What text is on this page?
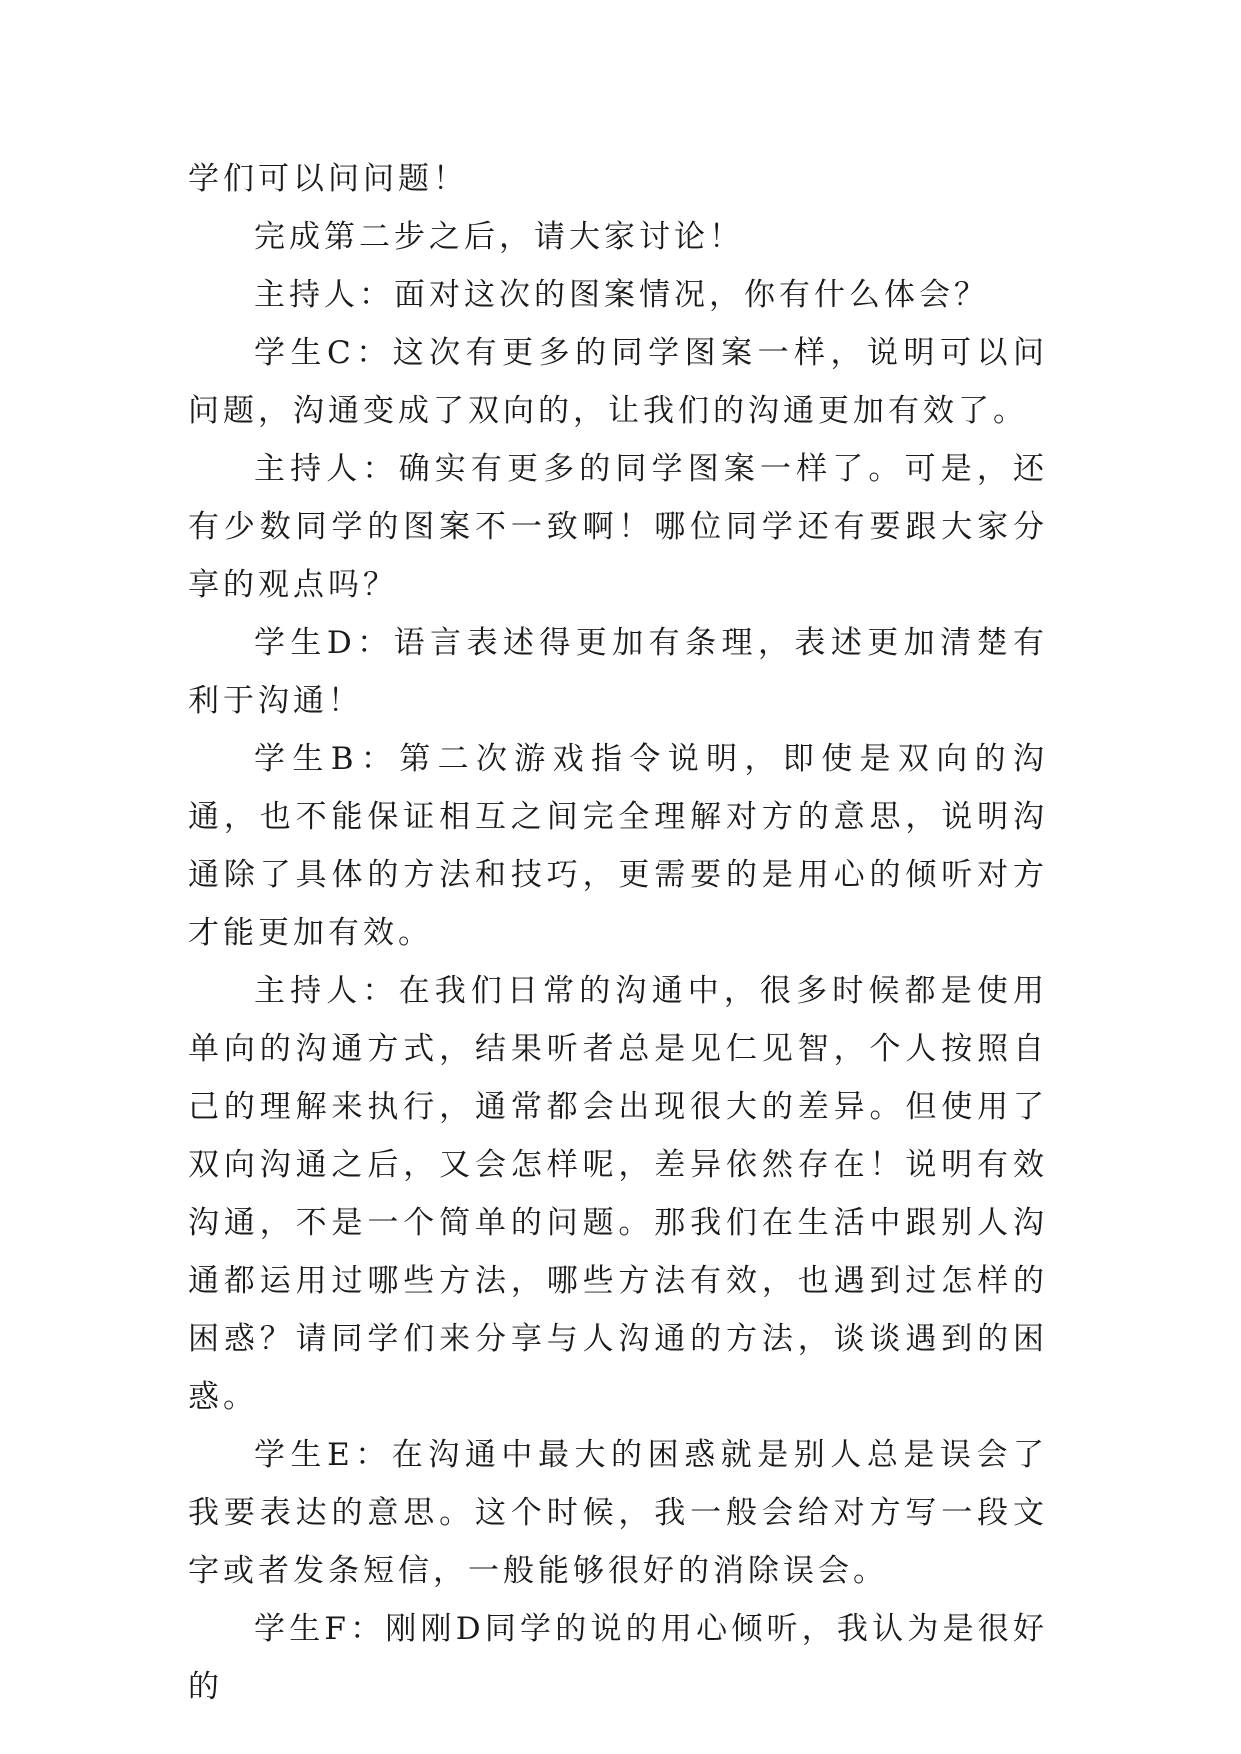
学们可以问问题！

完成第二步之后，请大家讨论！

主持人：面对这次的图案情况，你有什么体会？

学生C：这次有更多的同学图案一样，说明可以问问题，沟通变成了双向的，让我们的沟通更加有效了。

主持人：确实有更多的同学图案一样了。可是，还有少数同学的图案不一致啊！哪位同学还有要跟大家分享的观点吗？

学生D：语言表述得更加有条理，表述更加清楚有利于沟通！

学生B：第二次游戏指令说明，即使是双向的沟通，也不能保证相互之间完全理解对方的意思，说明沟通除了具体的方法和技巧，更需要的是用心的倾听对方才能更加有效。

主持人：在我们日常的沟通中，很多时候都是使用单向的沟通方式，结果听者总是见仁见智，个人按照自己的理解来执行，通常都会出现很大的差异。但使用了双向沟通之后，又会怎样呢，差异依然存在！说明有效沟通，不是一个简单的问题。那我们在生活中跟别人沟通都运用过哪些方法，哪些方法有效，也遇到过怎样的困惑？请同学们来分享与人沟通的方法，谈谈遇到的困惑。

学生E：在沟通中最大的困惑就是别人总是误会了我要表达的意思。这个时候，我一般会给对方写一段文字或者发条短信，一般能够很好的消除误会。

学生F：刚刚D同学的说的用心倾听，我认为是很好的
